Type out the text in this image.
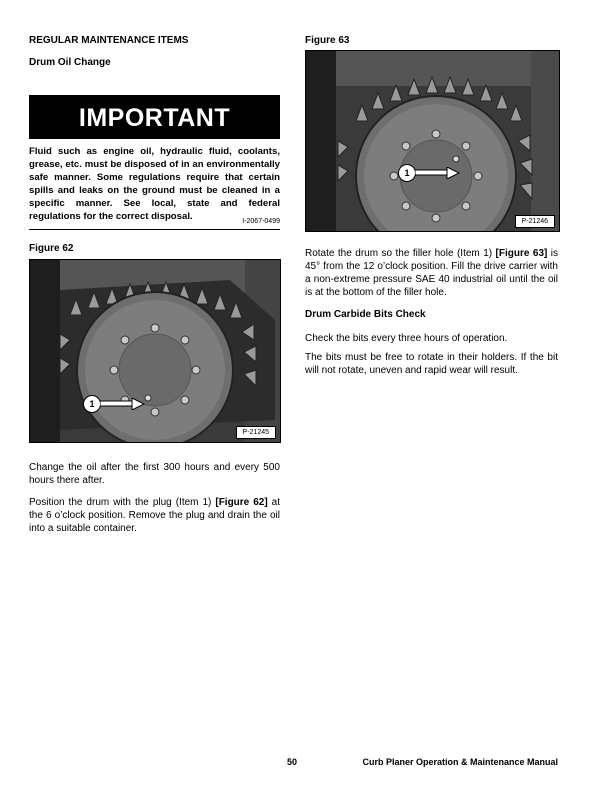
REGULAR MAINTENANCE ITEMS
Drum Oil Change
IMPORTANT
Fluid such as engine oil, hydraulic fluid, coolants, grease, etc. must be disposed of in an environmentally safe manner. Some regulations require that certain spills and leaks on the ground must be cleaned in a specific manner. See local, state and federal regulations for the correct disposal.	I-2067-0499
Figure 62
1
P-21245
Change the oil after the first 300 hours and every 500 hours there after.
Position the drum with the plug (Item 1) [Figure 62] at the 6 o’clock position. Remove the plug and drain the oil into a suitable container.
Figure 63
1
P-21246
Rotate the drum so the filler hole (Item 1) [Figure 63] is 45° from the 12 o’clock position. Fill the drive carrier with a non-extreme pressure SAE 40 industrial oil until the oil is at the bottom of the filler hole.
Drum Carbide Bits Check
Check the bits every three hours of operation.
The bits must be free to rotate in their holders. If the bit will not rotate, uneven and rapid wear will result.
50	Curb Planer Operation & Maintenance Manual
